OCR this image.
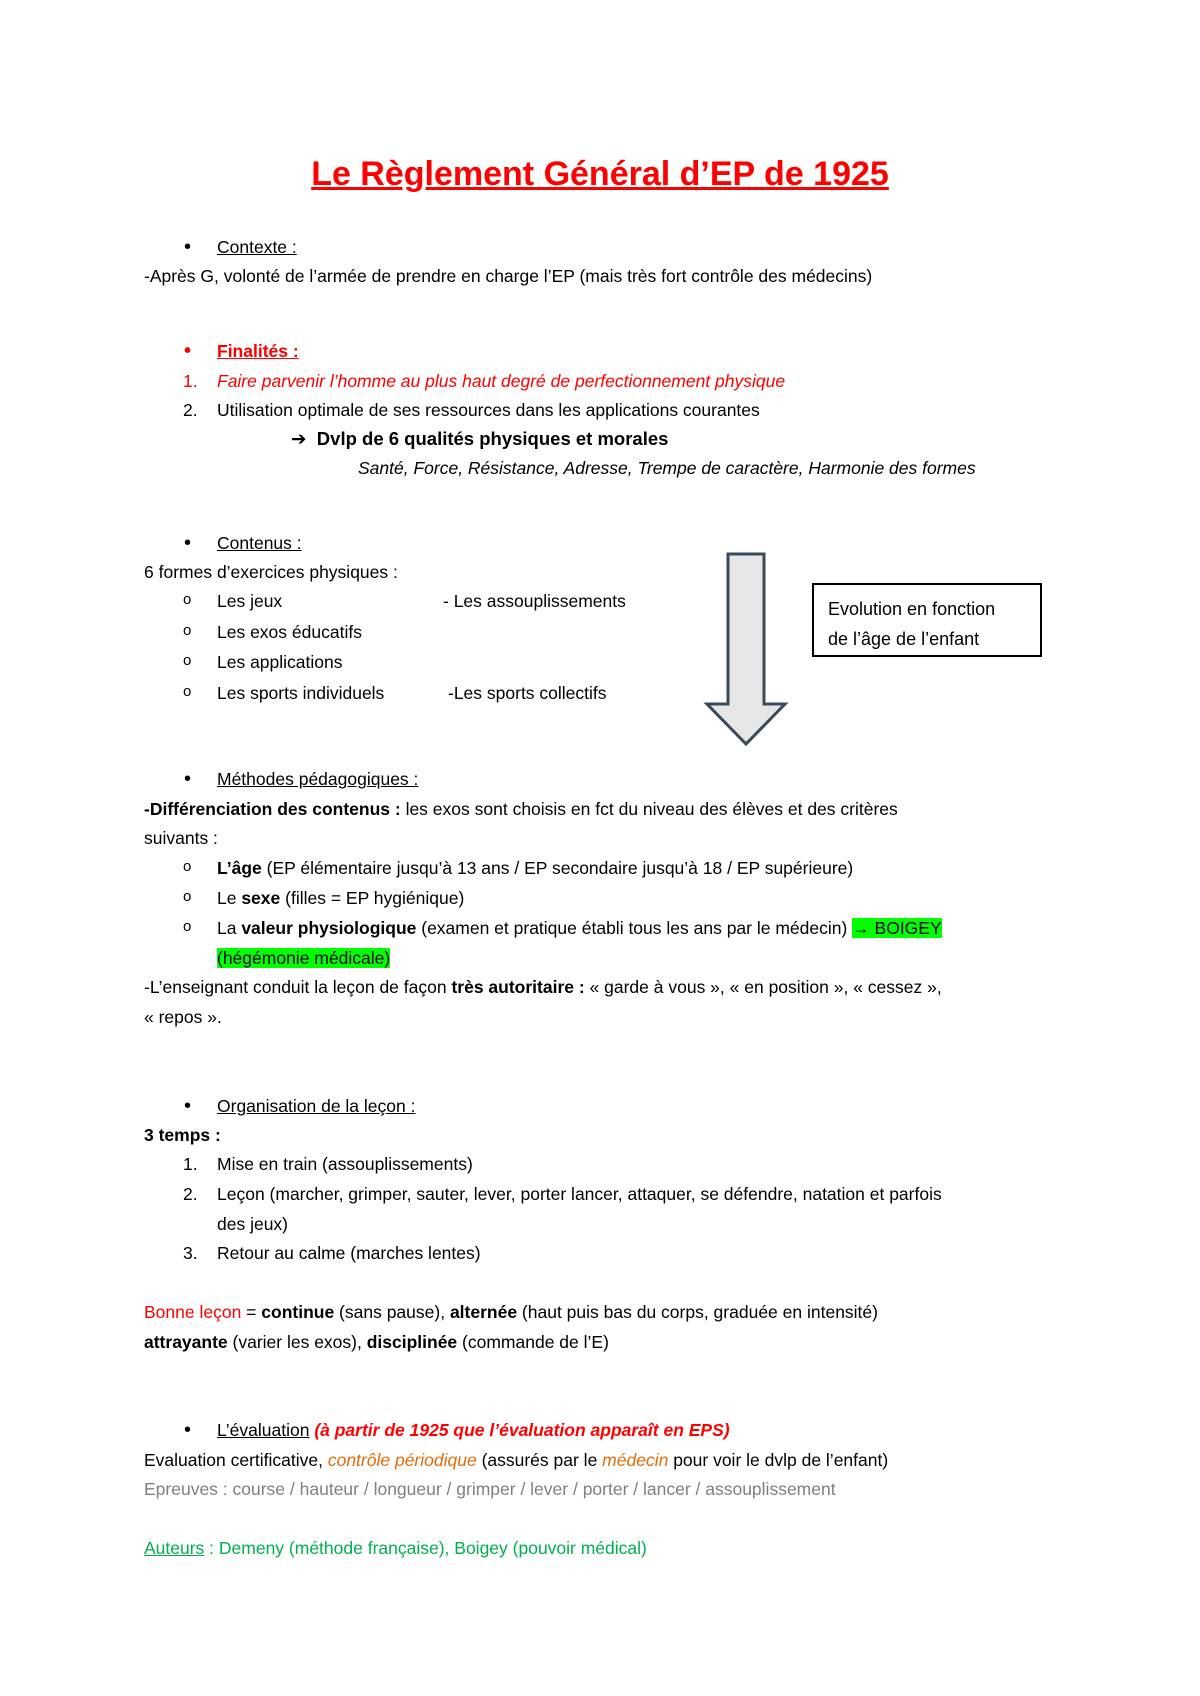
Le Règlement Général d’EP de 1925
• Contexte :
-Après G, volonté de l’armée de prendre en charge l’EP (mais très fort contrôle des médecins)
• Finalités :
1. Faire parvenir l’homme au plus haut degré de perfectionnement physique
2. Utilisation optimale de ses ressources dans les applications courantes
➔ Dvlp de 6 qualités physiques et morales
Santé, Force, Résistance, Adresse, Trempe de caractère, Harmonie des formes
• Contenus :
6 formes d’exercices physiques :
o Les jeux	- Les assouplissements
o Les exos éducatifs
o Les applications
o Les sports individuels	-Les sports collectifs
Evolution en fonction
de l’âge de l’enfant
• Méthodes pédagogiques :
-Différenciation des contenus : les exos sont choisis en fct du niveau des élèves et des critères
suivants :
o L’âge (EP élémentaire jusqu’à 13 ans / EP secondaire jusqu’à 18 / EP supérieure)
o Le sexe (filles = EP hygiénique)
o La valeur physiologique (examen et pratique établi tous les ans par le médecin) → BOIGEY
(hégémonie médicale)
-L’enseignant conduit la leçon de façon très autoritaire : « garde à vous », « en position », « cessez »,
« repos ».
• Organisation de la leçon :
3 temps :
1. Mise en train (assouplissements)
2. Leçon (marcher, grimper, sauter, lever, porter lancer, attaquer, se défendre, natation et parfois
des jeux)
3. Retour au calme (marches lentes)
Bonne leçon = continue (sans pause), alternée (haut puis bas du corps, graduée en intensité)
attrayante (varier les exos), disciplinée (commande de l’E)
• L’évaluation (à partir de 1925 que l’évaluation apparaît en EPS)
Evaluation certificative, contrôle périodique (assurés par le médecin pour voir le dvlp de l’enfant)
Epreuves : course / hauteur / longueur / grimper / lever / porter / lancer / assouplissement
Auteurs : Demeny (méthode française), Boigey (pouvoir médical)
